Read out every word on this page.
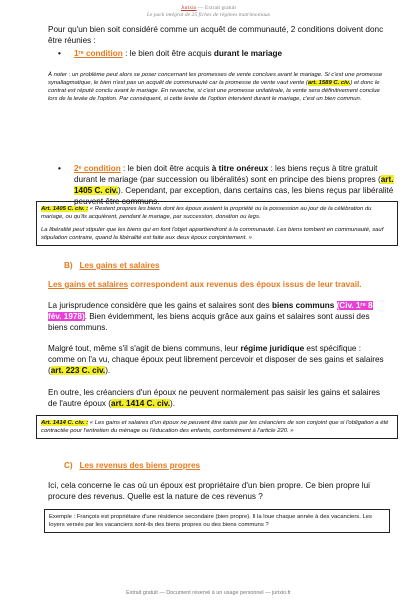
Jurixio — Extrait gratuit
Le pack intégral de 25 fiches de régimes matrimoniaux

Pour qu'un bien soit considéré comme un acquêt de communauté, 2 conditions doivent donc être réunies :

•	1ʳᵉ condition : le bien doit être acquis durant le mariage
À noter : un problème peut alors se poser concernant les promesses de vente conclues avant le mariage. Si c'est une promesse synallagmatique, le bien n'est pas un acquêt de communauté car la promesse de vente vaut vente (art. 1589 C. civ.) et donc le contrat est réputé conclu avant le mariage. En revanche, si c'est une promesse unilatérale, la vente sera définitivement conclue lors de la levée de l'option. Par conséquent, si cette levée de l'option intervient durant le mariage, c'est un bien commun.
•	2ᵉ condition : le bien doit être acquis à titre onéreux : les biens reçus à titre gratuit durant le mariage (par succession ou libéralités) sont en principe des biens propres (art. 1405 C. civ.). Cependant, par exception, dans certains cas, les biens reçus par libéralité peuvent être communs.

Art. 1405 C. civ. : « Restent propres les biens dont les époux avaient la propriété ou la possession au jour de la célébration du mariage, ou qu'ils acquièrent, pendant le mariage, par succession, donation ou legs.

La libéralité peut stipuler que les biens qui en font l'objet appartiendront à la communauté. Les biens tombent en communauté, sauf stipulation contraire, quand la libéralité est faite aux deux époux conjointement. »

B) Les gains et salaires
Les gains et salaires correspondent aux revenus des époux issus de leur travail.
La jurisprudence considère que les gains et salaires sont des biens communs (Civ. 1ʳᵉ 8 fév. 1978). Bien évidemment, les biens acquis grâce aux gains et salaires sont aussi des biens communs.
Malgré tout, même s'il s'agit de biens communs, leur régime juridique est spécifique : comme on l'a vu, chaque époux peut librement percevoir et disposer de ses gains et salaires (art. 223 C. civ.).
En outre, les créanciers d'un époux ne peuvent normalement pas saisir les gains et salaires de l'autre époux (art. 1414 C. civ.).
Art. 1414 C. civ. : « Les gains et salaires d'un époux ne peuvent être saisis par les créanciers de son conjoint que si l'obligation a été contractée pour l'entretien du ménage ou l'éducation des enfants, conformément à l'article 220. »
C) Les revenus des biens propres

Ici, cela concerne le cas où un époux est propriétaire d'un bien propre. Ce bien propre lui procure des revenus. Quelle est la nature de ces revenus ?

Exemple : François est propriétaire d'une résidence secondaire (bien propre). Il la loue chaque année à des vacanciers. Les loyers versés par les vacanciers sont-ils des biens propres ou des biens communs ?
Extrait gratuit — Document réservé à un usage personnel — jurixio.fr
